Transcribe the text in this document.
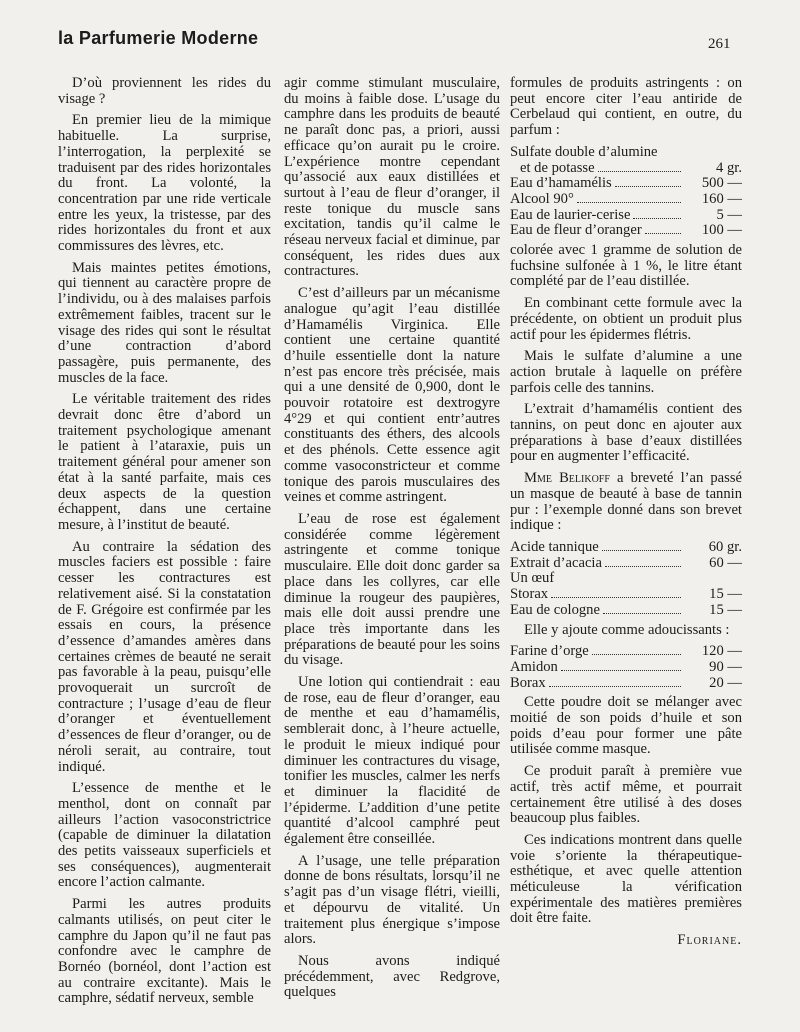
la Parfumerie Moderne	261

D’où proviennent les rides du visage ?

En premier lieu de la mimique habituelle. La surprise, l’interrogation, la perplexité se traduisent par des rides horizontales du front. La volonté, la concentration par une ride verticale entre les yeux, la tristesse, par des rides horizontales du front et aux commissures des lèvres, etc.

Mais maintes petites émotions, qui tiennent au caractère propre de l’individu, ou à des malaises parfois extrêmement faibles, tracent sur le visage des rides qui sont le résultat d’une contraction d’abord passagère, puis permanente, des muscles de la face.

Le véritable traitement des rides devrait donc être d’abord un traitement psychologique amenant le patient à l’ataraxie, puis un traitement général pour amener son état à la santé parfaite, mais ces deux aspects de la question échappent, dans une certaine mesure, à l’institut de beauté.

Au contraire la sédation des muscles faciers est possible : faire cesser les contractures est relativement aisé. Si la constatation de F. Grégoire est confirmée par les essais en cours, la présence d’essence d’amandes amères dans certaines crèmes de beauté ne serait pas favorable à la peau, puisqu’elle provoquerait un surcroît de contracture ; l’usage d’eau de fleur d’oranger et éventuellement d’essences de fleur d’oranger, ou de néroli serait, au contraire, tout indiqué.

L’essence de menthe et le menthol, dont on connaît par ailleurs l’action vasoconstrictrice (capable de diminuer la dilatation des petits vaisseaux superficiels et ses conséquences), augmenterait encore l’action calmante.

Parmi les autres produits calmants utilisés, on peut citer le camphre du Japon qu’il ne faut pas confondre avec le camphre de Bornéo (bornéol, dont l’action est au contraire excitante). Mais le camphre, sédatif nerveux, semble

agir comme stimulant musculaire, du moins à faible dose. L’usage du camphre dans les produits de beauté ne paraît donc pas, a priori, aussi efficace qu’on aurait pu le croire. L’expérience montre cependant qu’associé aux eaux distillées et surtout à l’eau de fleur d’oranger, il reste tonique du muscle sans excitation, tandis qu’il calme le réseau nerveux facial et diminue, par conséquent, les rides dues aux contractures.

C’est d’ailleurs par un mécanisme analogue qu’agit l’eau distillée d’Hamamélis Virginica. Elle contient une certaine quantité d’huile essentielle dont la nature n’est pas encore très précisée, mais qui a une densité de 0,900, dont le pouvoir rotatoire est dextrogyre 4°29 et qui contient entr’autres constituants des éthers, des alcools et des phénols. Cette essence agit comme vasoconstricteur et comme tonique des parois musculaires des veines et comme astringent.

L’eau de rose est également considérée comme légèrement astringente et comme tonique musculaire. Elle doit donc garder sa place dans les collyres, car elle diminue la rougeur des paupières, mais elle doit aussi prendre une place très importante dans les préparations de beauté pour les soins du visage.

Une lotion qui contiendrait : eau de rose, eau de fleur d’oranger, eau de menthe et eau d’hamamélis, semblerait donc, à l’heure actuelle, le produit le mieux indiqué pour diminuer les contractures du visage, tonifier les muscles, calmer les nerfs et diminuer la flacidité de l’épiderme. L’addition d’une petite quantité d’alcool camphré peut également être conseillée.

A l’usage, une telle préparation donne de bons résultats, lorsqu’il ne s’agit pas d’un visage flétri, vieilli, et dépourvu de vitalité. Un traitement plus énergique s’impose alors.

Nous avons indiqué précédemment, avec Redgrove, quelques

formules de produits astringents : on peut encore citer l’eau antiride de Cerbelaud qui contient, en outre, du parfum :

Sulfate double d’alumine
et de potasse	4 gr.
Eau d’hamamélis	500 —
Alcool 90°	160 —
Eau de laurier-cerise	5 —
Eau de fleur d’oranger	100 —

colorée avec 1 gramme de solution de fuchsine sulfonée à 1 %, le litre étant complété par de l’eau distillée.

En combinant cette formule avec la précédente, on obtient un produit plus actif pour les épidermes flétris.

Mais le sulfate d’alumine a une action brutale à laquelle on préfère parfois celle des tannins.

L’extrait d’hamamélis contient des tannins, on peut donc en ajouter aux préparations à base d’eaux distillées pour en augmenter l’efficacité.

Mme Belikoff a breveté l’an passé un masque de beauté à base de tannin pur : l’exemple donné dans son brevet indique :

Acide tannique	60 gr.
Extrait d’acacia	60 —
Un œuf
Storax	15 —
Eau de cologne	15 —

Elle y ajoute comme adoucissants :

Farine d’orge	120 —
Amidon	90 —
Borax	20 —

Cette poudre doit se mélanger avec moitié de son poids d’huile et son poids d’eau pour former une pâte utilisée comme masque.

Ce produit paraît à première vue actif, très actif même, et pourrait certainement être utilisé à des doses beaucoup plus faibles.

Ces indications montrent dans quelle voie s’oriente la thérapeutique-esthétique, et avec quelle attention méticuleuse la vérification expérimentale des matières premières doit être faite.

Floriane.
